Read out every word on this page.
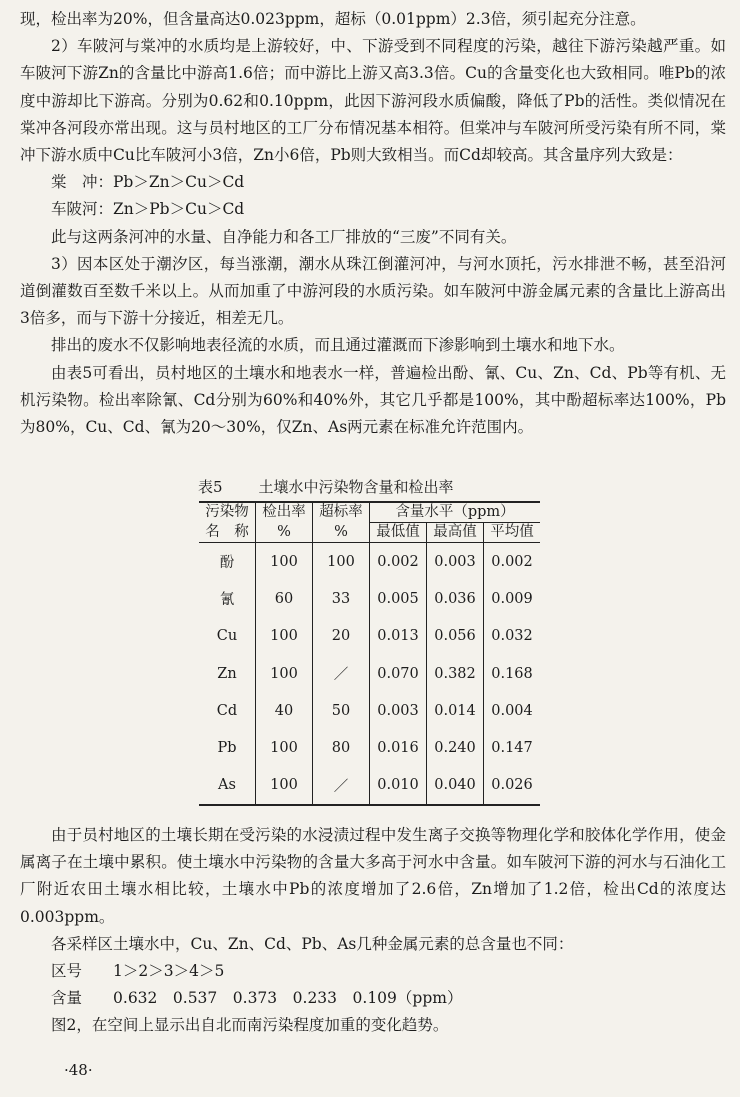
现，检出率为20%，但含量高达0.023ppm，超标（0.01ppm）2.3倍，须引起充分注意。

2）车陂河与棠冲的水质均是上游较好，中、下游受到不同程度的污染，越往下游污染越严重。如车陂河下游Zn的含量比中游高1.6倍；而中游比上游又高3.3倍。Cu的含量变化也大致相同。唯Pb的浓度中游却比下游高。分别为0.62和0.10ppm，此因下游河段水质偏酸，降低了Pb的活性。类似情况在棠冲各河段亦常出现。这与员村地区的工厂分布情况基本相符。但棠冲与车陂河所受污染有所不同，棠冲下游水质中Cu比车陂河小3倍，Zn小6倍，Pb则大致相当。而Cd却较高。其含量序列大致是：

棠　冲：Pb＞Zn＞Cu＞Cd

车陂河：Zn＞Pb＞Cu＞Cd

此与这两条河冲的水量、自净能力和各工厂排放的“三废”不同有关。

3）因本区处于潮汐区，每当涨潮，潮水从珠江倒灌河冲，与河水顶托，污水排泄不畅，甚至沿河道倒灌数百至数千米以上。从而加重了中游河段的水质污染。如车陂河中游金属元素的含量比上游高出3倍多，而与下游十分接近，相差无几。

排出的废水不仅影响地表径流的水质，而且通过灌溉而下渗影响到土壤水和地下水。

由表5可看出，员村地区的土壤水和地表水一样，普遍检出酚、氰、Cu、Zn、Cd、Pb等有机、无机污染物。检出率除氰、Cd分别为60%和40%外，其它几乎都是100%，其中酚超标率达100%，Pb为80%，Cu、Cd、氰为20～30%，仅Zn、As两元素在标准允许范围内。

表5 土壤水中污染物含量和检出率
污染物	检出率	超标率	含量水平（ppm）		
名　称	%	%	最低值	最高值	平均值
酚	100	100	0.002	0.003	0.002
氰	60	33	0.005	0.036	0.009
Cu	100	20	0.013	0.056	0.032
Zn	100	／	0.070	0.382	0.168
Cd	40	50	0.003	0.014	0.004
Pb	100	80	0.016	0.240	0.147
As	100	／	0.010	0.040	0.026

由于员村地区的土壤长期在受污染的水浸渍过程中发生离子交换等物理化学和胶体化学作用，使金属离子在土壤中累积。使土壤水中污染物的含量大多高于河水中含量。如车陂河下游的河水与石油化工厂附近农田土壤水相比较，土壤水中Pb的浓度增加了2.6倍，Zn增加了1.2倍，检出Cd的浓度达0.003ppm。

各采样区土壤水中，Cu、Zn、Cd、Pb、As几种金属元素的总含量也不同：

区号　　 1＞2＞3＞4＞5

含量　　 0.632　0.537　0.373　0.233　0.109（ppm）

图2，在空间上显示出自北而南污染程度加重的变化趋势。

·48·
